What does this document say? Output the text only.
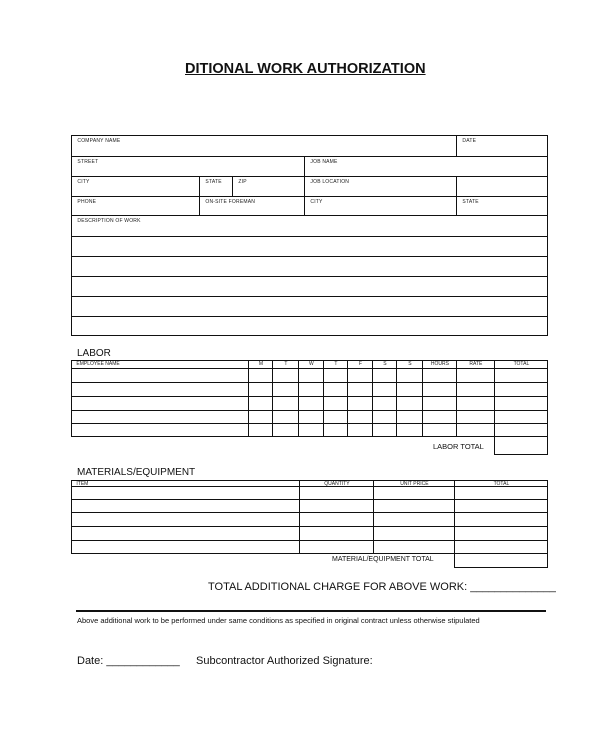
DITIONAL WORK AUTHORIZATION
LABOR
LABOR TOTAL
MATERIALS/EQUIPMENT
MATERIAL/EQUIPMENT TOTAL
TOTAL ADDITIONAL CHARGE FOR ABOVE WORK: ______________
Above additional work to be performed under same conditions as specified in original contract unless otherwise stipulated
Date: ____________ Subcontractor Authorized Signature:
COMPANY NAME	DATE
STREET	JOB NAME
CITY	STATE	ZIP	JOB LOCATION
PHONE	ON-SITE FOREMAN	CITY	STATE
DESCRIPTION OF WORK
EMPLOYEE NAME	M	T	W	T	F	S	S	HOURS	RATE	TOTAL
ITEM	QUANTITY	UNIT PRICE	TOTAL
